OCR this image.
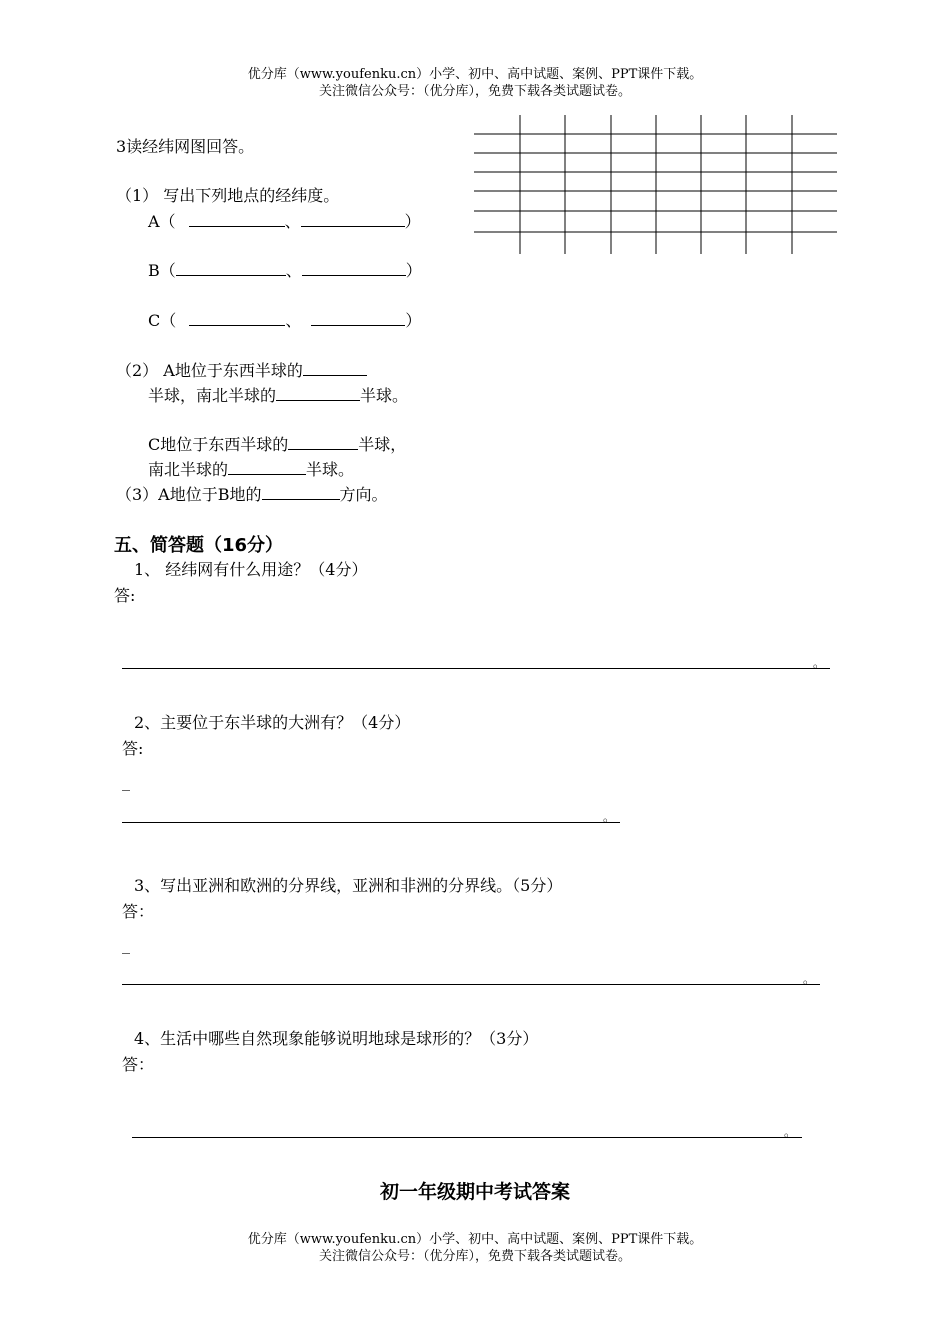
优分库（www.youfenku.cn）小学、初中、高中试题、案例、PPT课件下载。
关注微信公众号：（优分库），免费下载各类试题试卷。
3读经纬网图回答。
（1） 写出下列地点的经纬度。
A（	、	）
B（	、	）
C（	、	）
（2） A地位于东西半球的
半球，南北半球的	半球。
C地位于东西半球的	半球，
南北半球的	半球。
（3）A地位于B地的	方向。
五、简答题（16分）
1、 经纬网有什么用途？（4分）
答:
。
2、主要位于东半球的大洲有？（4分）
答:
_
。
3、写出亚洲和欧洲的分界线，亚洲和非洲的分界线。（5分）
答：
_
。
4、生活中哪些自然现象能够说明地球是球形的？（3分）
答：
。
初一年级期中考试答案
优分库（www.youfenku.cn）小学、初中、高中试题、案例、PPT课件下载。
关注微信公众号：（优分库），免费下载各类试题试卷。
